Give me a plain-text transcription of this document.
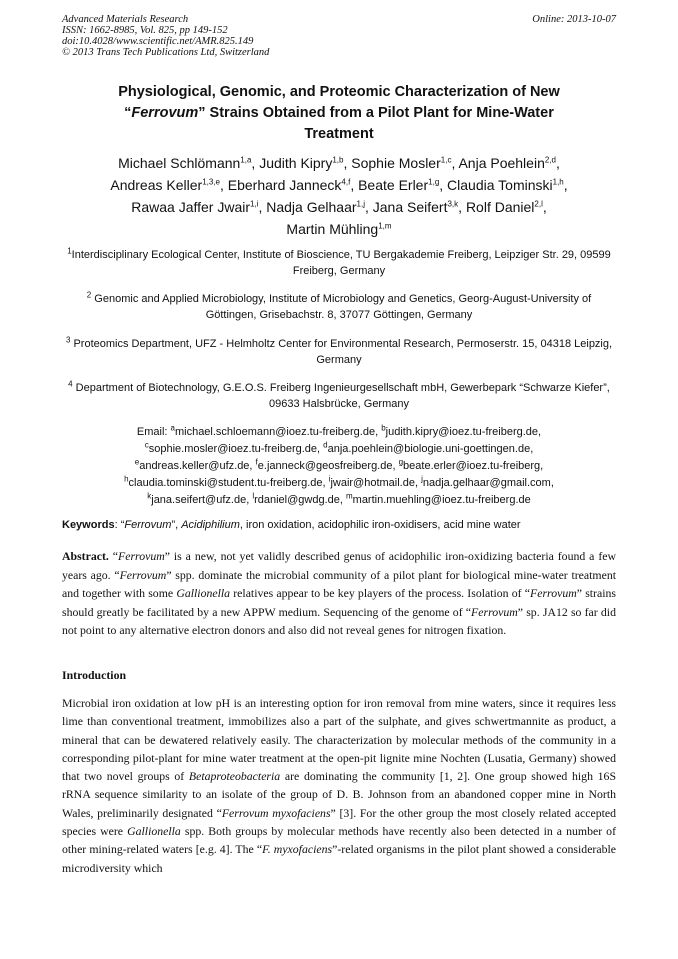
Advanced Materials Research
ISSN: 1662-8985, Vol. 825, pp 149-152
doi:10.4028/www.scientific.net/AMR.825.149
© 2013 Trans Tech Publications Ltd, Switzerland
Online: 2013-10-07
Physiological, Genomic, and Proteomic Characterization of New
“Ferrovum” Strains Obtained from a Pilot Plant for Mine-Water
Treatment
Michael Schlömann$^{1,a}$, Judith Kipry$^{1,b}$, Sophie Mosler$^{1,c}$, Anja Poehlein$^{2,d}$,
Andreas Keller$^{1,3,e}$, Eberhard Janneck$^{4,f}$, Beate Erler$^{1,g}$, Claudia Tominski$^{1,h}$,
Rawaa Jaffer Jwair$^{1,i}$, Nadja Gelhaar$^{1,j}$, Jana Seifert$^{3,k}$, Rolf Daniel$^{2,l}$,
Martin Mühling$^{1,m}$
$^1$Interdisciplinary Ecological Center, Institute of Bioscience, TU Bergakademie Freiberg, Leipziger Str. 29, 09599 Freiberg, Germany
$^2$ Genomic and Applied Microbiology, Institute of Microbiology and Genetics, Georg-August-University of Göttingen, Grisebachstr. 8, 37077 Göttingen, Germany
$^3$ Proteomics Department, UFZ - Helmholtz Center for Environmental Research, Permoserstr. 15, 04318 Leipzig, Germany
$^4$ Department of Biotechnology, G.E.O.S. Freiberg Ingenieurgesellschaft mbH, Gewerbepark “Schwarze Kiefer”, 09633 Halsbrücke, Germany
Email: $^a$michael.schloemann@ioez.tu-freiberg.de, $^b$judith.kipry@ioez.tu-freiberg.de,
$^c$sophie.mosler@ioez.tu-freiberg.de, $^d$anja.poehlein@biologie.uni-goettingen.de,
$^e$andreas.keller@ufz.de, $^f$e.janneck@geosfreiberg.de, $^g$beate.erler@ioez.tu-freiberg,
$^h$claudia.tominski@student.tu-freiberg.de, $^i$jwair@hotmail.de, $^j$nadja.gelhaar@gmail.com,
$^k$jana.seifert@ufz.de, $^l$rdaniel@gwdg.de, $^m$martin.muehling@ioez.tu-freiberg.de
Keywords: “Ferrovum”, Acidiphilium, iron oxidation, acidophilic iron-oxidisers, acid mine water
Abstract. “Ferrovum” is a new, not yet validly described genus of acidophilic iron-oxidizing bacteria found a few years ago. “Ferrovum” spp. dominate the microbial community of a pilot plant for biological mine-water treatment and together with some Gallionella relatives appear to be key players of the process. Isolation of “Ferrovum” strains should greatly be facilitated by a new APPW medium. Sequencing of the genome of “Ferrovum” sp. JA12 so far did not point to any alternative electron donors and also did not reveal genes for nitrogen fixation.
Introduction
Microbial iron oxidation at low pH is an interesting option for iron removal from mine waters, since it requires less lime than conventional treatment, immobilizes also a part of the sulphate, and gives schwertmannite as product, a mineral that can be dewatered relatively easily. The characterization by molecular methods of the community in a corresponding pilot-plant for mine water treatment at the open-pit lignite mine Nochten (Lusatia, Germany) showed that two novel groups of Betaproteobacteria are dominating the community [1, 2]. One group showed high 16S rRNA sequence similarity to an isolate of the group of D. B. Johnson from an abandoned copper mine in North Wales, preliminarily designated “Ferrovum myxofaciens” [3]. For the other group the most closely related accepted species were Gallionella spp. Both groups by molecular methods have recently also been detected in a number of other mining-related waters [e.g. 4]. The “F. myxofaciens”-related organisms in the pilot plant showed a considerable microdiversity which
